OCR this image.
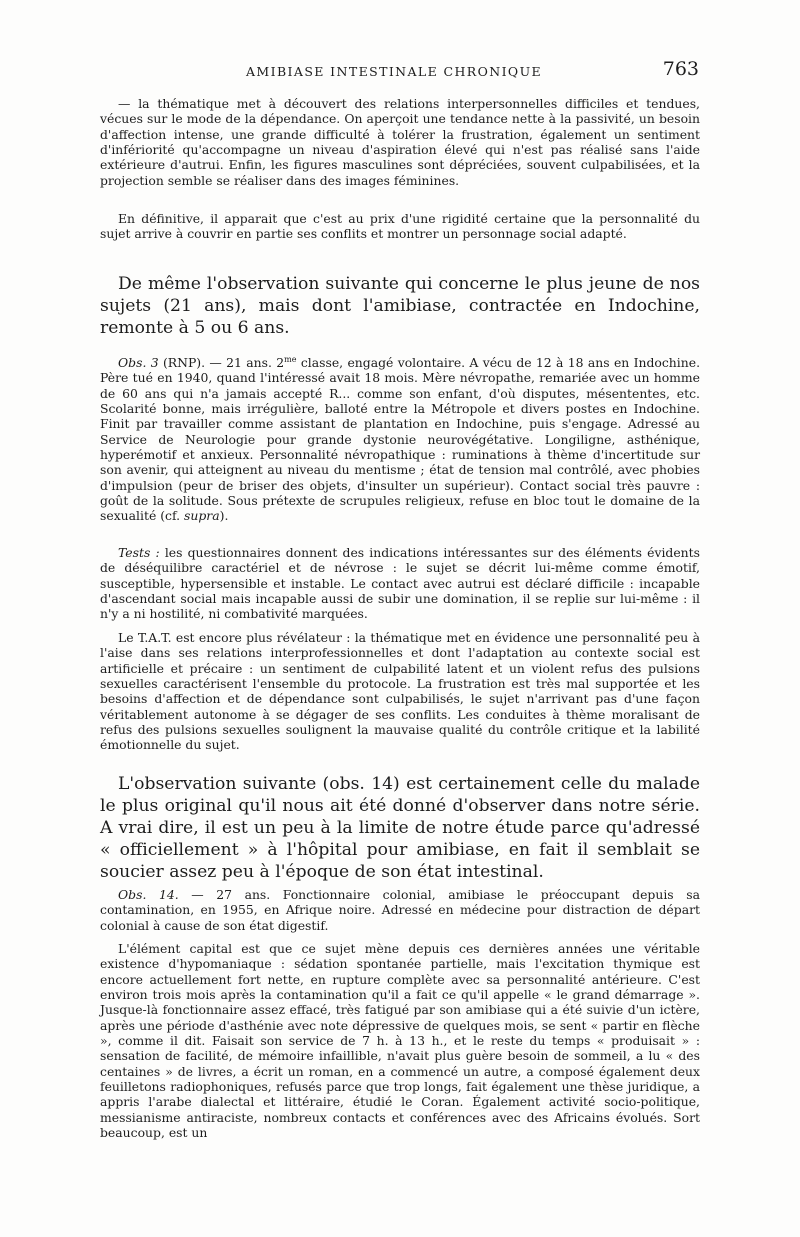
AMIBIASE INTESTINALE CHRONIQUE	763

— la thématique met à découvert des relations interpersonnelles difficiles et tendues, vécues sur le mode de la dépendance. On aperçoit une tendance nette à la passivité, un besoin d'affection intense, une grande difficulté à tolérer la frustration, également un sentiment d'infériorité qu'accompagne un niveau d'aspiration élevé qui n'est pas réalisé sans l'aide extérieure d'autrui. Enfin, les figures masculines sont dépréciées, souvent culpabilisées, et la projection semble se réaliser dans des images féminines.

En définitive, il apparait que c'est au prix d'une rigidité certaine que la personnalité du sujet arrive à couvrir en partie ses conflits et montrer un personnage social adapté.

De même l'observation suivante qui concerne le plus jeune de nos sujets (21 ans), mais dont l'amibiase, contractée en Indochine, remonte à 5 ou 6 ans.

Obs. 3 (RNP). — 21 ans. $2^{me}$ classe, engagé volontaire. A vécu de 12 à 18 ans en Indochine. Père tué en 1940, quand l'intéressé avait 18 mois. Mère névropathe, remariée avec un homme de 60 ans qui n'a jamais accepté R... comme son enfant, d'où disputes, mésententes, etc. Scolarité bonne, mais irrégulière, balloté entre la Métropole et divers postes en Indochine. Finit par travailler comme assistant de plantation en Indochine, puis s'engage. Adressé au Service de Neurologie pour grande dystonie neurovégétative. Longiligne, asthénique, hyperémotif et anxieux. Personnalité névropathique : ruminations à thème d'incertitude sur son avenir, qui atteignent au niveau du mentisme ; état de tension mal contrôlé, avec phobies d'impulsion (peur de briser des objets, d'insulter un supérieur). Contact social très pauvre : goût de la solitude. Sous prétexte de scrupules religieux, refuse en bloc tout le domaine de la sexualité (cf. supra).

Tests : les questionnaires donnent des indications intéressantes sur des éléments évidents de déséquilibre caractériel et de névrose : le sujet se décrit lui-même comme émotif, susceptible, hypersensible et instable. Le contact avec autrui est déclaré difficile : incapable d'ascendant social mais incapable aussi de subir une domination, il se replie sur lui-même : il n'y a ni hostilité, ni combativité marquées.

Le T.A.T. est encore plus révélateur : la thématique met en évidence une personnalité peu à l'aise dans ses relations interprofessionnelles et dont l'adaptation au contexte social est artificielle et précaire : un sentiment de culpabilité latent et un violent refus des pulsions sexuelles caractérisent l'ensemble du protocole. La frustration est très mal supportée et les besoins d'affection et de dépendance sont culpabilisés, le sujet n'arrivant pas d'une façon véritablement autonome à se dégager de ses conflits. Les conduites à thème moralisant de refus des pulsions sexuelles soulignent la mauvaise qualité du contrôle critique et la labilité émotionnelle du sujet.

L'observation suivante (obs. 14) est certainement celle du malade le plus original qu'il nous ait été donné d'observer dans notre série. A vrai dire, il est un peu à la limite de notre étude parce qu'adressé « officiellement » à l'hôpital pour amibiase, en fait il semblait se soucier assez peu à l'époque de son état intestinal.

Obs. 14. — 27 ans. Fonctionnaire colonial, amibiase le préoccupant depuis sa contamination, en 1955, en Afrique noire. Adressé en médecine pour distraction de départ colonial à cause de son état digestif.

L'élément capital est que ce sujet mène depuis ces dernières années une véritable existence d'hypomaniaque : sédation spontanée partielle, mais l'excitation thymique est encore actuellement fort nette, en rupture complète avec sa personnalité antérieure. C'est environ trois mois après la contamination qu'il a fait ce qu'il appelle « le grand démarrage ». Jusque-là fonctionnaire assez effacé, très fatigué par son amibiase qui a été suivie d'un ictère, après une période d'asthénie avec note dépressive de quelques mois, se sent « partir en flèche », comme il dit. Faisait son service de 7 h. à 13 h., et le reste du temps « produisait » : sensation de facilité, de mémoire infaillible, n'avait plus guère besoin de sommeil, a lu « des centaines » de livres, a écrit un roman, en a commencé un autre, a composé également deux feuilletons radiophoniques, refusés parce que trop longs, fait également une thèse juridique, a appris l'arabe dialectal et littéraire, étudié le Coran. Également activité socio-politique, messianisme antiraciste, nombreux contacts et conférences avec des Africains évolués. Sort beaucoup, est un
